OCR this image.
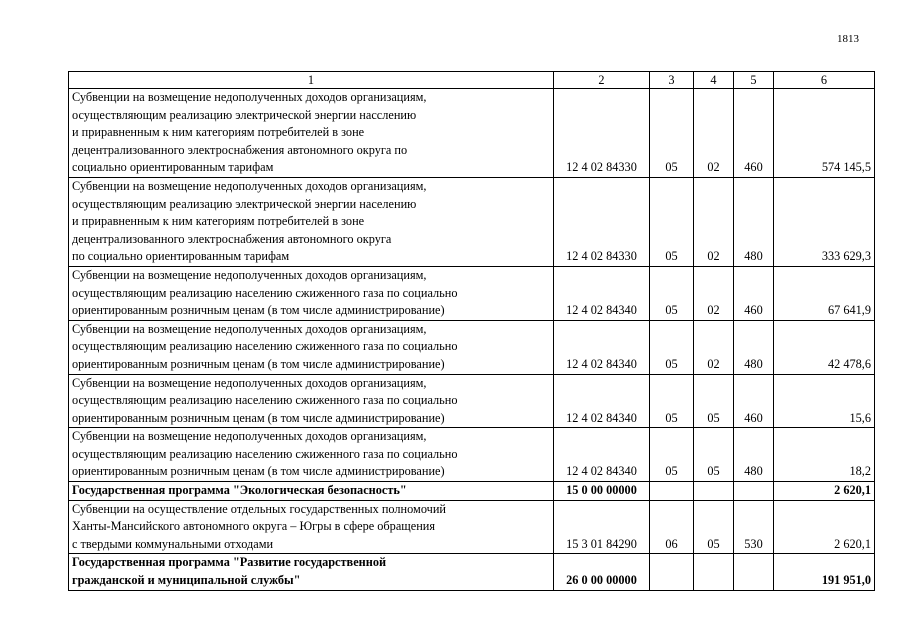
1813
1	2	3	4	5	6

Субвенции на возмещение недополученных доходов организациям,
осуществляющим реализацию электрической энергии насслению
и приравненным к ним категориям потребителей в зоне
децентрализованного электроснабжения автономного округа по
социально ориентированным тарифам	12 4 02 84330	05	02	460	574 145,5

Субвенции на возмещение недополученных доходов организациям,
осуществляющим реализацию электрической энергии населению
и приравненным к ним категориям потребителей в зоне
децентрализованного электроснабжения автономного округа
по социально ориентированным тарифам	12 4 02 84330	05	02	480	333 629,3

Субвенции на возмещение недополученных доходов организациям,
осуществляющим реализацию населению сжиженного газа по социально
ориентированным розничным ценам (в том числе администрирование)	12 4 02 84340	05	02	460	67 641,9

Субвенции на возмещение недополученных доходов организациям,
осуществляющим реализацию населению сжиженного газа по социально
ориентированным розничным ценам (в том числе администрирование)	12 4 02 84340	05	02	480	42 478,6

Субвенции на возмещение недополученных доходов организациям,
осуществляющим реализацию населению сжиженного газа по социально
ориентированным розничным ценам (в том числе администрирование)	12 4 02 84340	05	05	460	15,6

Субвенции на возмещение недополученных доходов организациям,
осуществляющим реализацию населению сжиженного газа по социально
ориентированным розничным ценам (в том числе администрирование)	12 4 02 84340	05	05	480	18,2

Государственная программа "Экологическая безопасность"	15 0 00 00000				2 620,1

Субвенции на осуществление отдельных государственных полномочий
Ханты-Мансийского автономного округа – Югры в сфере обращения
с твердыми коммунальными отходами	15 3 01 84290	06	05	530	2 620,1

Государственная программа "Развитие государственной
гражданской и муниципальной службы"	26 0 00 00000				191 951,0
